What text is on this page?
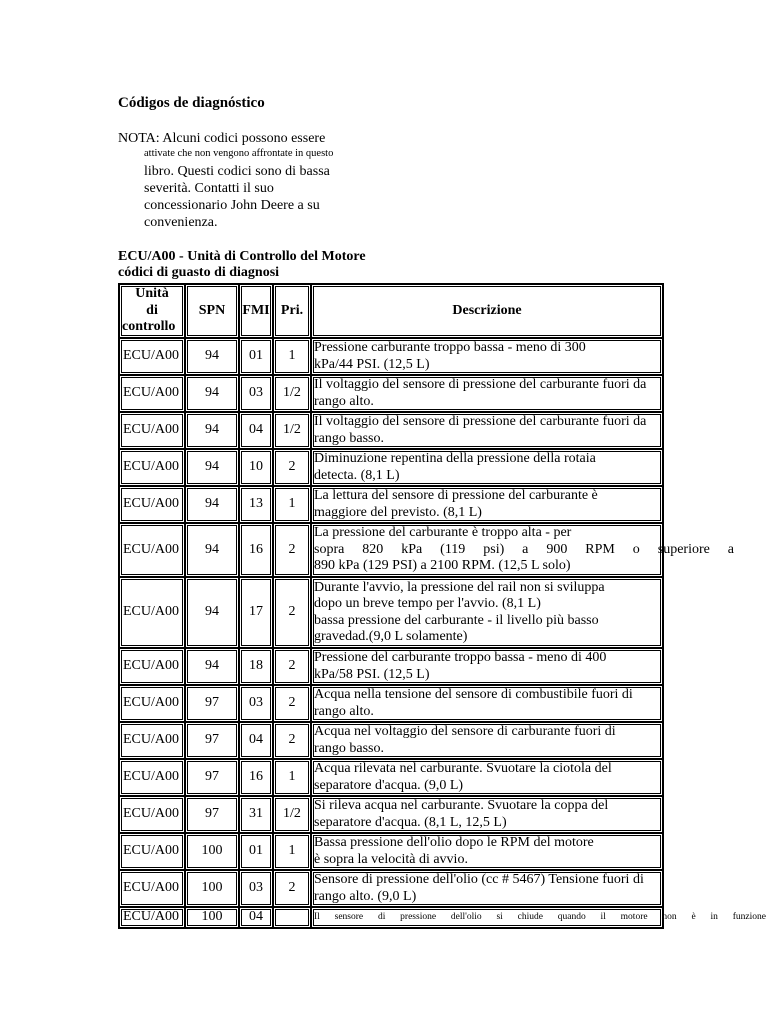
Códigos de diagnóstico
NOTA: Alcuni codici possono essere
attivate che non vengono affrontate in questo
libro. Questi codici sono di bassa
severità. Contatti il suo
concessionario John Deere a su
convenienza.
ECU/A00 - Unità di Controllo del Motore
códici di guasto di diagnosi
Unità
di
controllo	SPN	FMI	Pri.	Descrizione
ECU/A00	94	01	1	Pressione carburante troppo bassa - meno di 300
kPa/44 PSI. (12,5 L)

ECU/A00	94	03	1/2	Il voltaggio del sensore di pressione del carburante fuori da
rango alto.

ECU/A00	94	04	1/2	Il voltaggio del sensore di pressione del carburante fuori da
rango basso.

ECU/A00	94	10	2	Diminuzione repentina della pressione della rotaia
detecta. (8,1 L)

ECU/A00	94	13	1	La lettura del sensore di pressione del carburante è
maggiore del previsto. (8,1 L)

ECU/A00	94	16	2	La pressione del carburante è troppo alta - per
sopra 820 kPa (119 psi) a 900 RPM o superiore a
890 kPa (129 PSI) a 2100 RPM. (12,5 L solo)

ECU/A00	94	17	2	Durante l'avvio, la pressione del rail non si sviluppa
dopo un breve tempo per l'avvio. (8,1 L)
bassa pressione del carburante - il livello più basso
gravedad.(9,0 L solamente)

ECU/A00	94	18	2	Pressione del carburante troppo bassa - meno di 400
kPa/58 PSI. (12,5 L)

ECU/A00	97	03	2	Acqua nella tensione del sensore di combustibile fuori di
rango alto.

ECU/A00	97	04	2	Acqua nel voltaggio del sensore di carburante fuori di
rango basso.

ECU/A00	97	16	1	Acqua rilevata nel carburante. Svuotare la ciotola del
separatore d'acqua. (9,0 L)

ECU/A00	97	31	1/2	Si rileva acqua nel carburante. Svuotare la coppa del
separatore d'acqua. (8,1 L, 12,5 L)

ECU/A00	100	01	1	Bassa pressione dell'olio dopo le RPM del motore
è sopra la velocità di avvio.

ECU/A00	100	03	2	Sensore di pressione dell'olio (cc # 5467) Tensione fuori di
rango alto. (9,0 L)

ECU/A00	100	04		Il sensore di pressione dell'olio si chiude quando il motore non è in funzione
